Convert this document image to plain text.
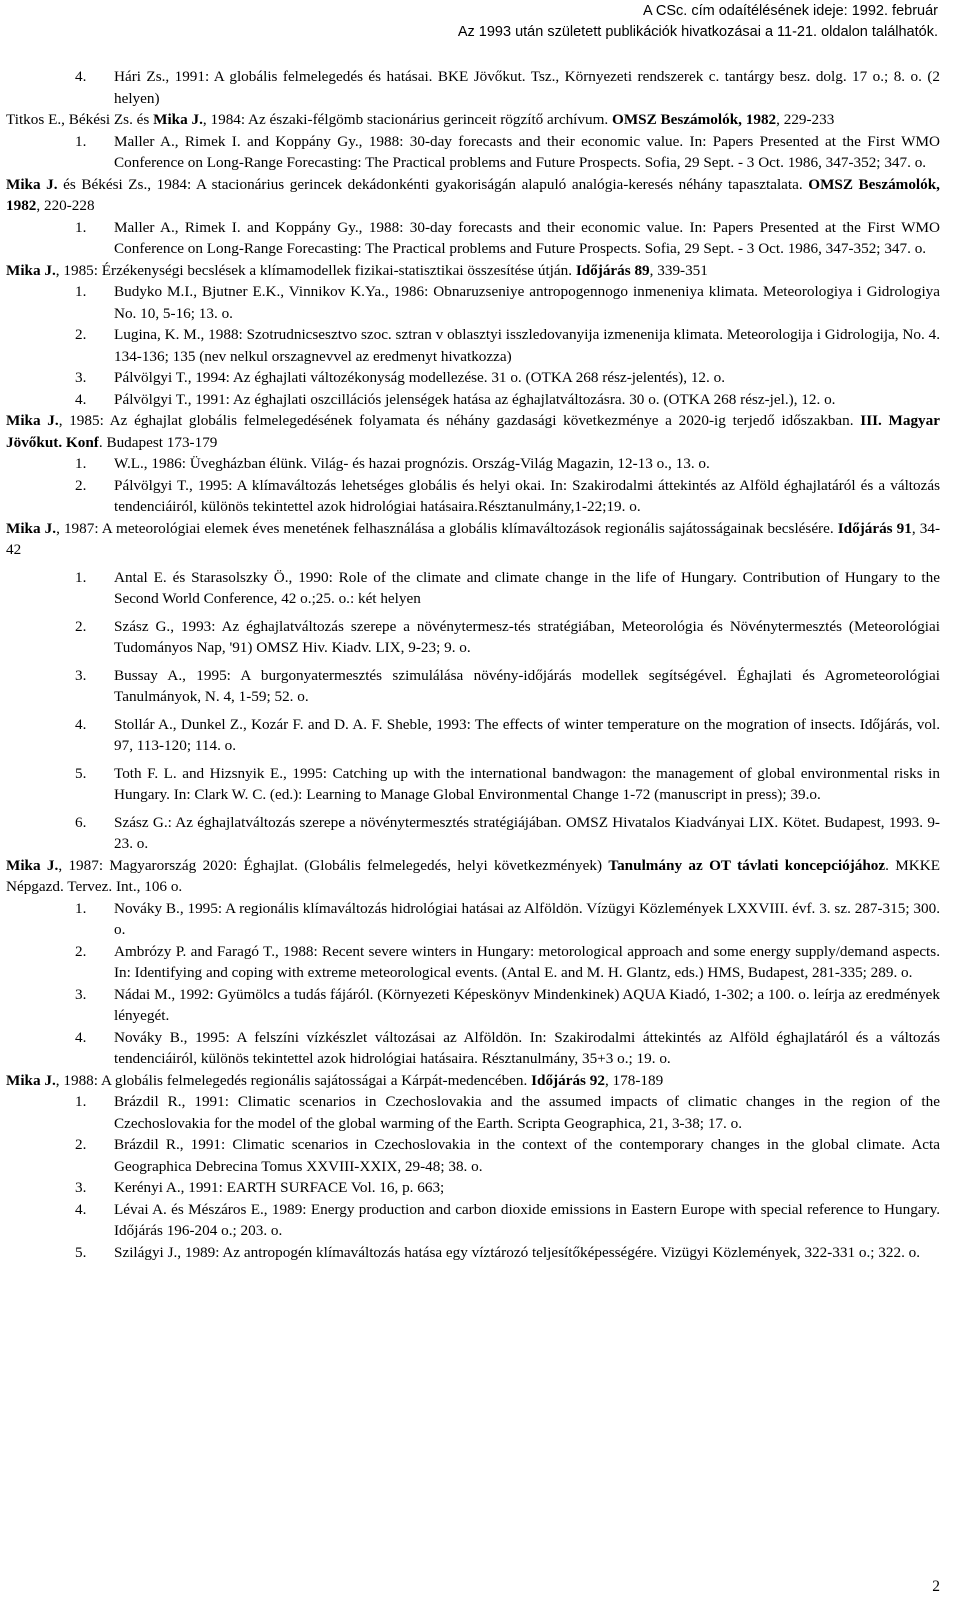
A CSc. cím odaítélésének ideje: 1992. február
Az 1993 után született publikációk hivatkozásai a 11-21. oldalon találhatók.
4. Hári Zs., 1991: A globális felmelegedés és hatásai. BKE Jövőkut. Tsz., Környezeti rendszerek c. tantárgy besz. dolg. 17 o.; 8. o. (2 helyen)

Titkos E., Békési Zs. és Mika J., 1984: Az északi-félgömb stacionárius gerinceit rögzítő archívum. OMSZ Beszámolók, 1982, 229-233

1. Maller A., Rimek I. and Koppány Gy., 1988: 30-day forecasts and their economic value. In: Papers Presented at the First WMO Conference on Long-Range Forecasting: The Practical problems and Future Prospects. Sofia, 29 Sept. - 3 Oct. 1986, 347-352; 347. o.

Mika J. és Békési Zs., 1984: A stacionárius gerincek dekádonkénti gyakoriságán alapuló analógia-keresés néhány tapasztalata. OMSZ Beszámolók, 1982, 220-228

1. Maller A., Rimek I. and Koppány Gy., 1988: 30-day forecasts and their economic value. In: Papers Presented at the First WMO Conference on Long-Range Forecasting: The Practical problems and Future Prospects. Sofia, 29 Sept. - 3 Oct. 1986, 347-352; 347. o.

Mika J., 1985: Érzékenységi becslések a klímamodellek fizikai-statisztikai összesítése útján. Időjárás 89, 339-351

1. Budyko M.I., Bjutner E.K., Vinnikov K.Ya., 1986: Obnaruzseniye antropogennogo inmeneniya klimata. Meteorologiya i Gidrologiya No. 10, 5-16; 13. o.
2. Lugina, K. M., 1988: Szotrudnicsesztvo szoc. sztran v oblasztyi isszledovanyija izmenenija klimata. Meteorologija i Gidrologija, No. 4. 134-136; 135 (nev nelkul orszagnevvel az eredmenyt hivatkozza)
3. Pálvölgyi T., 1994: Az éghajlati változékonyság modellezése. 31 o. (OTKA 268 rész-jelentés), 12. o.
4. Pálvölgyi T., 1991: Az éghajlati oszcillációs jelenségek hatása az éghajlatváltozásra. 30 o. (OTKA 268 rész-jel.), 12. o.

Mika J., 1985: Az éghajlat globális felmelegedésének folyamata és néhány gazdasági következménye a 2020-ig terjedő időszakban. III. Magyar Jövőkut. Konf. Budapest 173-179

1. W.L., 1986: Üvegházban élünk. Világ- és hazai prognózis. Ország-Világ Magazin, 12-13 o., 13. o.
2. Pálvölgyi T., 1995: A klímaváltozás lehetséges globális és helyi okai. In: Szakirodalmi áttekintés az Alföld éghajlatáról és a változás tendenciáiról, különös tekintettel azok hidrológiai hatásaira.Résztanulmány,1-22;19. o.

Mika J., 1987: A meteorológiai elemek éves menetének felhasználása a globális klímaváltozások regionális sajátosságainak becslésére. Időjárás 91, 34-42

1. Antal E. és Starasolszky Ö., 1990: Role of the climate and climate change in the life of Hungary. Contribution of Hungary to the Second World Conference, 42 o.;25. o.: két helyen
2. Szász G., 1993: Az éghajlatváltozás szerepe a növénytermesz-tés stratégiában, Meteorológia és Növénytermesztés (Meteorológiai Tudományos Nap, '91) OMSZ Hiv. Kiadv. LIX, 9-23; 9. o.
3. Bussay A., 1995: A burgonyatermesztés szimulálása növény-időjárás modellek segítségével. Éghajlati és Agrometeorológiai Tanulmányok, N. 4, 1-59; 52. o.
4. Stollár A., Dunkel Z., Kozár F. and D. A. F. Sheble, 1993: The effects of winter temperature on the mogration of insects. Időjárás, vol. 97, 113-120; 114. o.
5. Toth F. L. and Hizsnyik E., 1995: Catching up with the international bandwagon: the management of global environmental risks in Hungary. In: Clark W. C. (ed.): Learning to Manage Global Environmental Change 1-72 (manuscript in press); 39.o.
6. Szász G.: Az éghajlatváltozás szerepe a növénytermesztés stratégiájában. OMSZ Hivatalos Kiadványai LIX. Kötet. Budapest, 1993. 9-23. o.

Mika J., 1987: Magyarország 2020: Éghajlat. (Globális felmelegedés, helyi következmények) Tanulmány az OT távlati koncepciójához. MKKE Népgazd. Tervez. Int., 106 o.

1. Nováky B., 1995: A regionális klímaváltozás hidrológiai hatásai az Alföldön. Vízügyi Közlemények LXXVIII. évf. 3. sz. 287-315; 300. o.
2. Ambrózy P. and Faragó T., 1988: Recent severe winters in Hungary: metorological approach and some energy supply/demand aspects. In: Identifying and coping with extreme meteorological events. (Antal E. and M. H. Glantz, eds.) HMS, Budapest, 281-335; 289. o.
3. Nádai M., 1992: Gyümölcs a tudás fájáról. (Környezeti Képeskönyv Mindenkinek) AQUA Kiadó, 1-302; a 100. o. leírja az eredmények lényegét.
4. Nováky B., 1995: A felszíni vízkészlet változásai az Alföldön. In: Szakirodalmi áttekintés az Alföld éghajlatáról és a változás tendenciáiról, különös tekintettel azok hidrológiai hatásaira. Résztanulmány, 35+3 o.; 19. o.

Mika J., 1988: A globális felmelegedés regionális sajátosságai a Kárpát-medencében. Időjárás 92, 178-189

1. Brázdil R., 1991: Climatic scenarios in Czechoslovakia and the assumed impacts of climatic changes in the region of the Czechoslovakia for the model of the global warming of the Earth. Scripta Geographica, 21, 3-38; 17. o.
2. Brázdil R., 1991: Climatic scenarios in Czechoslovakia in the context of the contemporary changes in the global climate. Acta Geographica Debrecina Tomus XXVIII-XXIX, 29-48; 38. o.
3. Kerényi A., 1991: EARTH SURFACE Vol. 16, p. 663;
4. Lévai A. és Mészáros E., 1989: Energy production and carbon dioxide emissions in Eastern Europe with special reference to Hungary. Időjárás 196-204 o.; 203. o.
5. Szilágyi J., 1989: Az antropogén klímaváltozás hatása egy víztározó teljesítőképességére. Vizügyi Közlemények, 322-331 o.; 322. o.
2
